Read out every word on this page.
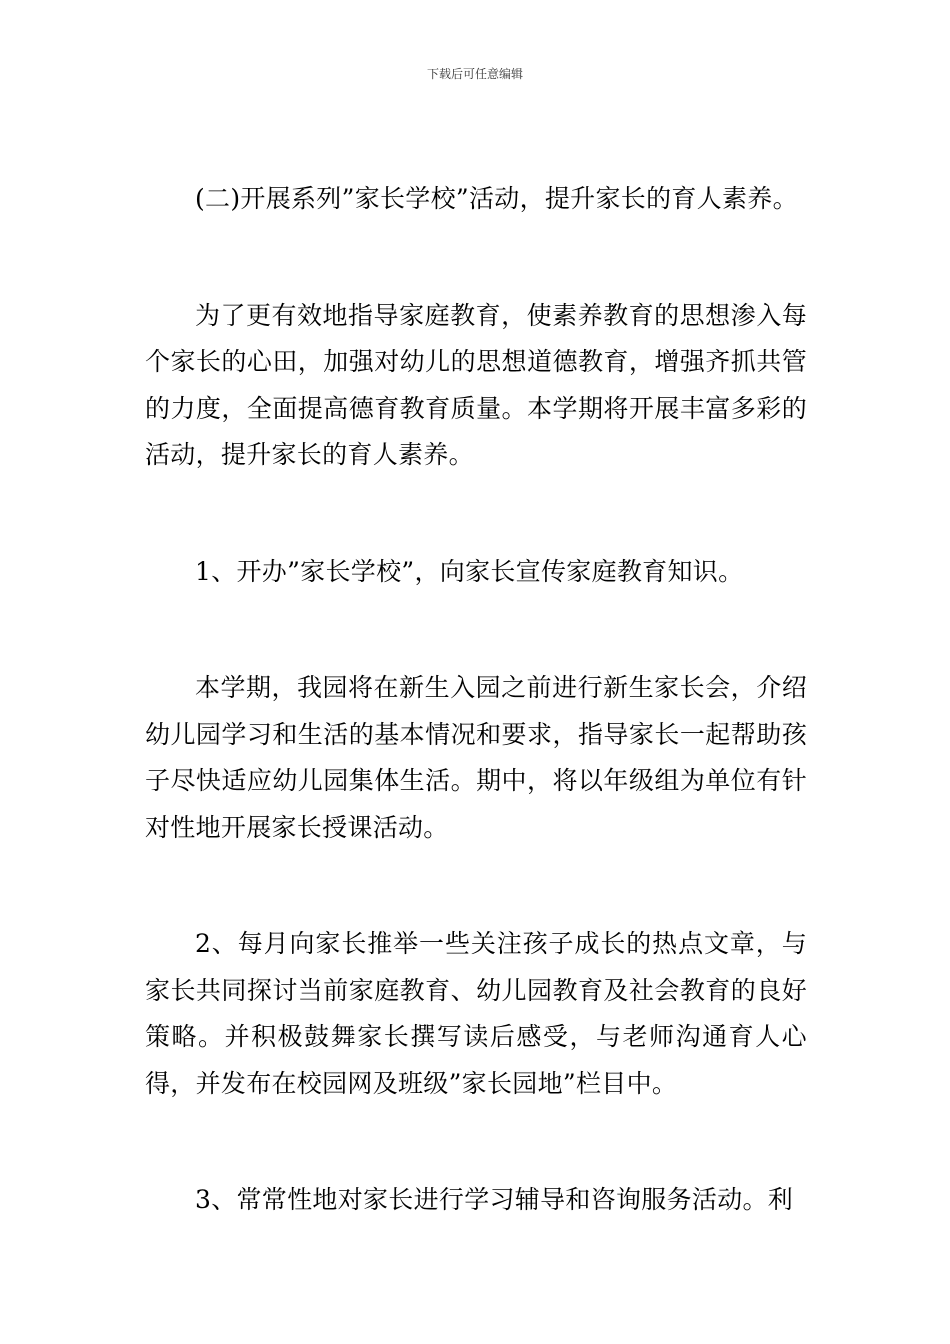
下载后可任意编辑

(二)开展系列”家长学校”活动，提升家长的育人素养。

为了更有效地指导家庭教育，使素养教育的思想渗入每个家长的心田，加强对幼儿的思想道德教育，增强齐抓共管的力度，全面提高德育教育质量。本学期将开展丰富多彩的活动，提升家长的育人素养。

1、开办”家长学校”，向家长宣传家庭教育知识。

本学期，我园将在新生入园之前进行新生家长会，介绍幼儿园学习和生活的基本情况和要求，指导家长一起帮助孩子尽快适应幼儿园集体生活。期中，将以年级组为单位有针对性地开展家长授课活动。

2、每月向家长推举一些关注孩子成长的热点文章，与家长共同探讨当前家庭教育、幼儿园教育及社会教育的良好策略。并积极鼓舞家长撰写读后感受，与老师沟通育人心得，并发布在校园网及班级”家长园地”栏目中。

3、常常性地对家长进行学习辅导和咨询服务活动。利
